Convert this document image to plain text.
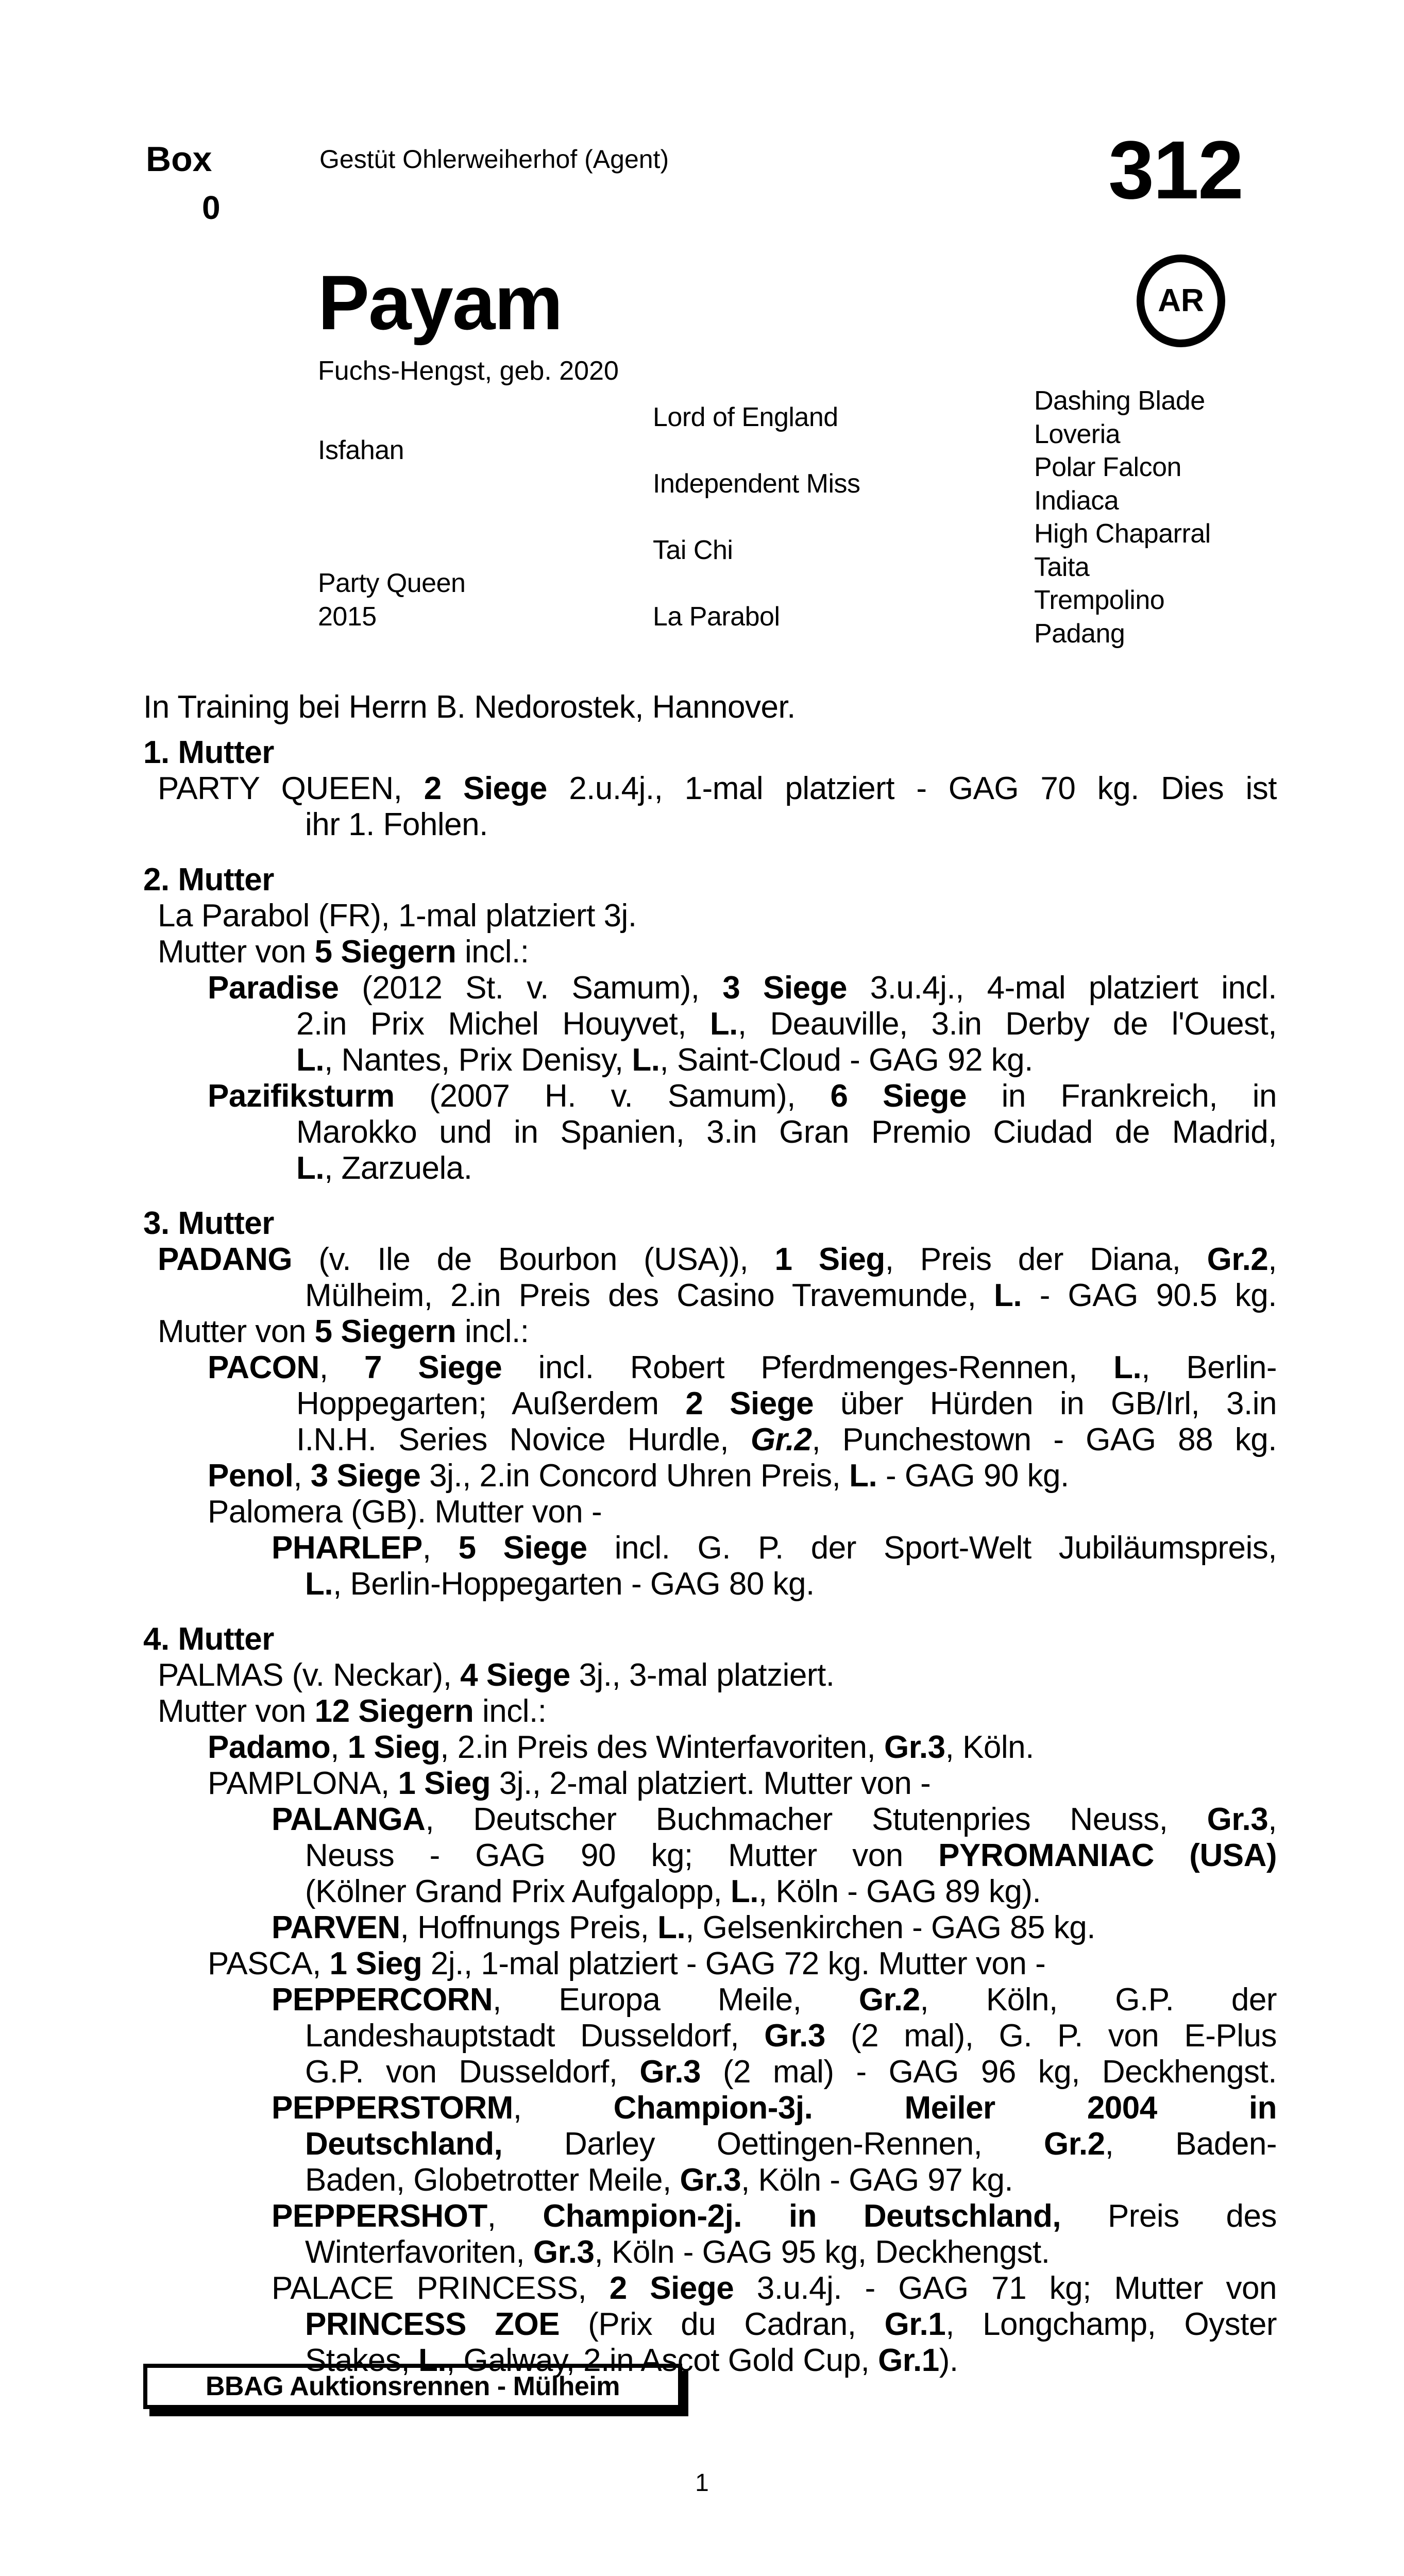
Box
0
Gestüt Ohlerweiherhof (Agent)	312
Payam
Fuchs-Hengst, geb. 2020
AR
Isfahan
Party Queen
2015
Lord of England
Independent Miss
Tai Chi
La Parabol
Dashing Blade
Loveria
Polar Falcon
Indiaca
High Chaparral
Taita
Trempolino
Padang
In Training bei Herrn B. Nedorostek, Hannover.
1. Mutter
PARTY QUEEN, 2 Siege 2.u.4j., 1-mal platziert - GAG 70 kg. Dies ist
ihr 1. Fohlen.
2. Mutter
La Parabol (FR), 1-mal platziert 3j.
Mutter von 5 Siegern incl.:
Paradise (2012 St. v. Samum), 3 Siege 3.u.4j., 4-mal platziert incl.
2.in Prix Michel Houyvet, L., Deauville, 3.in Derby de l'Ouest,
L., Nantes, Prix Denisy, L., Saint-Cloud - GAG 92 kg.
Pazifiksturm (2007 H. v. Samum), 6 Siege in Frankreich, in
Marokko und in Spanien, 3.in Gran Premio Ciudad de Madrid,
L., Zarzuela.
3. Mutter
PADANG (v. Ile de Bourbon (USA)), 1 Sieg, Preis der Diana, Gr.2,
Mülheim, 2.in Preis des Casino Travemunde, L. - GAG 90.5 kg.
Mutter von 5 Siegern incl.:
PACON, 7 Siege incl. Robert Pferdmenges-Rennen, L., Berlin-
Hoppegarten; Außerdem 2 Siege über Hürden in GB/Irl, 3.in
I.N.H. Series Novice Hurdle, Gr.2, Punchestown - GAG 88 kg.
Penol, 3 Siege 3j., 2.in Concord Uhren Preis, L. - GAG 90 kg.
Palomera (GB). Mutter von -
PHARLEP, 5 Siege incl. G. P. der Sport-Welt Jubiläumspreis,
L., Berlin-Hoppegarten - GAG 80 kg.
4. Mutter
PALMAS (v. Neckar), 4 Siege 3j., 3-mal platziert.
Mutter von 12 Siegern incl.:
Padamo, 1 Sieg, 2.in Preis des Winterfavoriten, Gr.3, Köln.
PAMPLONA, 1 Sieg 3j., 2-mal platziert. Mutter von -
PALANGA, Deutscher Buchmacher Stutenpries Neuss, Gr.3,
Neuss - GAG 90 kg; Mutter von PYROMANIAC (USA)
(Kölner Grand Prix Aufgalopp, L., Köln - GAG 89 kg).
PARVEN, Hoffnungs Preis, L., Gelsenkirchen - GAG 85 kg.
PASCA, 1 Sieg 2j., 1-mal platziert - GAG 72 kg. Mutter von -
PEPPERCORN, Europa Meile, Gr.2, Köln, G.P. der
Landeshauptstadt Dusseldorf, Gr.3 (2 mal), G. P. von E-Plus
G.P. von Dusseldorf, Gr.3 (2 mal) - GAG 96 kg, Deckhengst.
PEPPERSTORM, Champion-3j. Meiler 2004 in
Deutschland, Darley Oettingen-Rennen, Gr.2, Baden-
Baden, Globetrotter Meile, Gr.3, Köln - GAG 97 kg.
PEPPERSHOT, Champion-2j. in Deutschland, Preis des
Winterfavoriten, Gr.3, Köln - GAG 95 kg, Deckhengst.
PALACE PRINCESS, 2 Siege 3.u.4j. - GAG 71 kg; Mutter von
PRINCESS ZOE (Prix du Cadran, Gr.1, Longchamp, Oyster
Stakes, L., Galway, 2.in Ascot Gold Cup, Gr.1).
BBAG Auktionsrennen - Mülheim
1
